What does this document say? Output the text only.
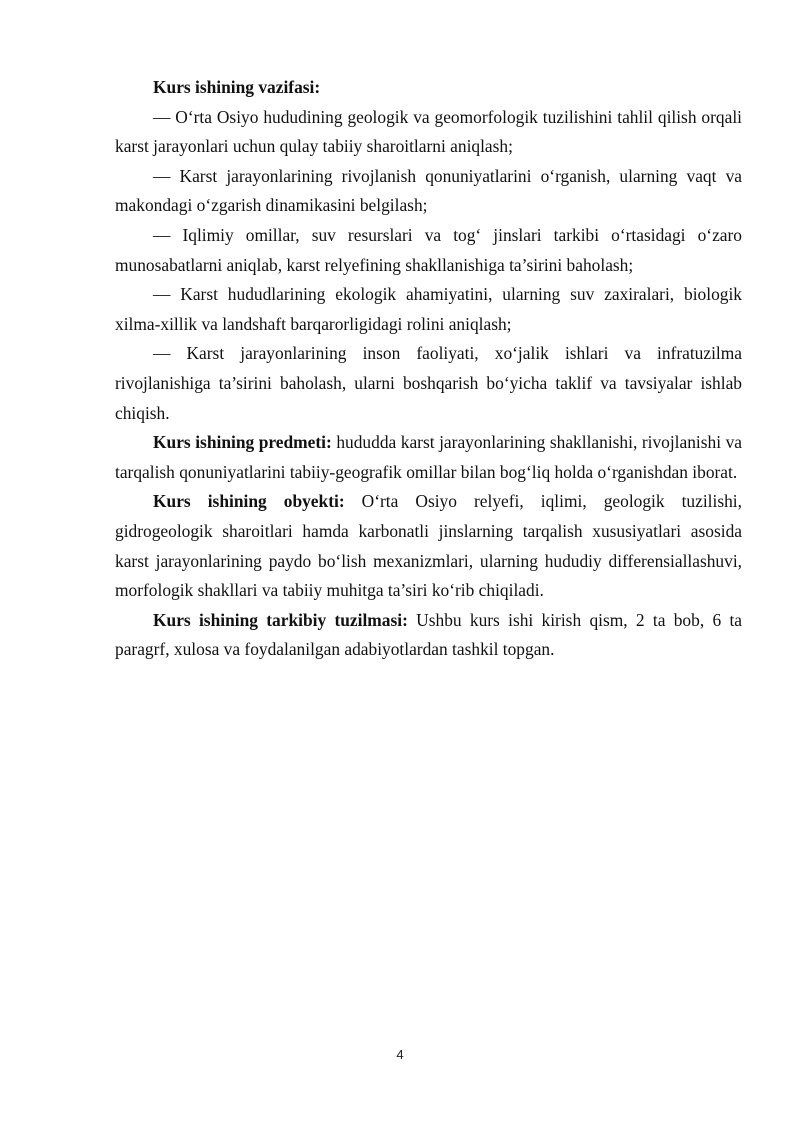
Kurs ishining vazifasi:

— O‘rta Osiyo hududining geologik va geomorfologik tuzilishini tahlil qilish orqali karst jarayonlari uchun qulay tabiiy sharoitlarni aniqlash;

— Karst jarayonlarining rivojlanish qonuniyatlarini o‘rganish, ularning vaqt va makondagi o‘zgarish dinamikasini belgilash;

— Iqlimiy omillar, suv resurslari va tog‘ jinslari tarkibi o‘rtasidagi o‘zaro munosabatlarni aniqlab, karst relyefining shakllanishiga ta’sirini baholash;

— Karst hududlarining ekologik ahamiyatini, ularning suv zaxiralari, biologik xilma-xillik va landshaft barqarorligidagi rolini aniqlash;

— Karst jarayonlarining inson faoliyati, xo‘jalik ishlari va infratuzilma rivojlanishiga ta’sirini baholash, ularni boshqarish bo‘yicha taklif va tavsiyalar ishlab chiqish.

Kurs ishining predmeti: hududda karst jarayonlarining shakllanishi, rivojlanishi va tarqalish qonuniyatlarini tabiiy-geografik omillar bilan bog‘liq holda o‘rganishdan iborat.

Kurs ishining obyekti: O‘rta Osiyo relyefi, iqlimi, geologik tuzilishi, gidrogeologik sharoitlari hamda karbonatli jinslarning tarqalish xususiyatlari asosida karst jarayonlarining paydo bo‘lish mexanizmlari, ularning hududiy differensiallashuvi, morfologik shakllari va tabiiy muhitga ta’siri ko‘rib chiqiladi.

Kurs ishining tarkibiy tuzilmasi: Ushbu kurs ishi kirish qism, 2 ta bob, 6 ta paragrf, xulosa va foydalanilgan adabiyotlardan tashkil topgan.

4
